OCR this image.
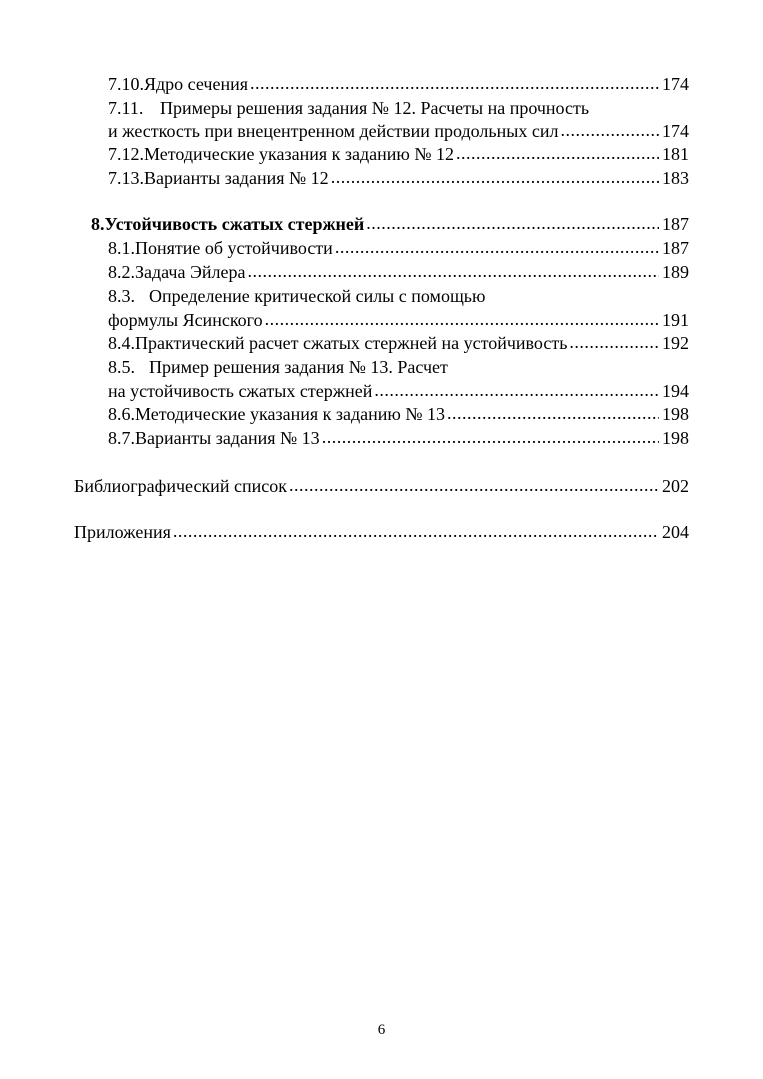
7.10. Ядро сечения .....	174
7.11. Примеры решения задания № 12. Расчеты на прочность
и жесткость при внецентренном действии продольных сил .....	174
7.12. Методические указания к заданию № 12 .....	181
7.13. Варианты задания № 12 .....	183
8. Устойчивость сжатых стержней .....	187
8.1. Понятие об устойчивости .....	187
8.2. Задача Эйлера .....	189
8.3. Определение критической силы с помощью
формулы Ясинского .....	191
8.4. Практический расчет сжатых стержней на устойчивость .....	192
8.5. Пример решения задания № 13. Расчет
на устойчивость сжатых стержней .....	194
8.6. Методические указания к заданию № 13 .....	198
8.7. Варианты задания № 13 .....	198
Библиографический список .....	202
Приложения .....	204
6
